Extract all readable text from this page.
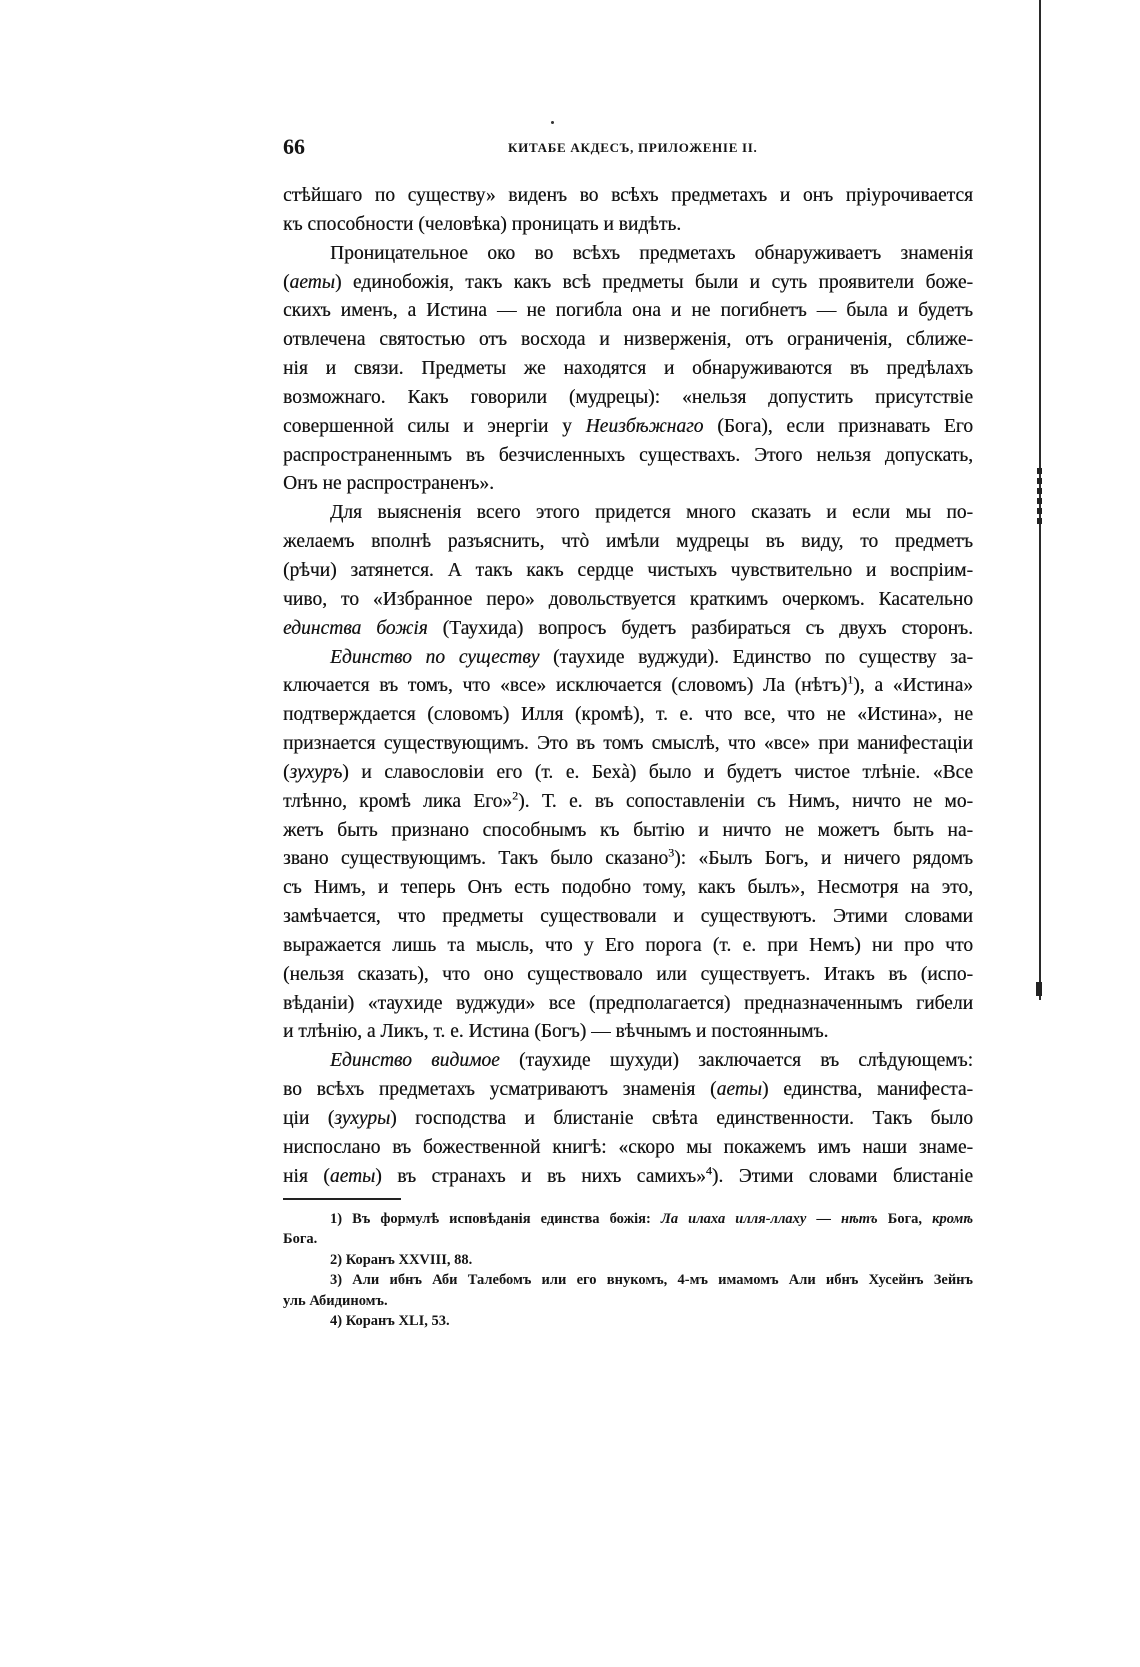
66	КИТАБЕ АКДЕСЪ, ПРИЛОЖЕНІЕ II.
стѣйшаго по существу» виденъ во всѣхъ предметахъ и онъ пріурочивается
къ способности (человѣка) проницать и видѣть.
Проницательное око во всѣхъ предметахъ обнаруживаетъ знаменія
(аеты) единобожія, такъ какъ всѣ предметы были и суть проявители боже-
скихъ именъ, а Истина — не погибла она и не погибнетъ — была и будетъ
отвлечена святостью отъ восхода и низверженія, отъ ограниченія, сближе-
нія и связи. Предметы же находятся и обнаруживаются въ предѣлахъ
возможнаго. Какъ говорили (мудрецы): «нельзя допустить присутствіе
совершенной силы и энергіи у Неизбѣжнаго (Бога), если признавать Его
распространеннымъ въ безчисленныхъ существахъ. Этого нельзя допускать,
Онъ не распространенъ».
Для выясненія всего этого придется много сказать и если мы по-
желаемъ вполнѣ разъяснить, чтò имѣли мудрецы въ виду, то предметъ
(рѣчи) затянется. А такъ какъ сердце чистыхъ чувствительно и воспріим-
чиво, то «Избранное перо» довольствуется краткимъ очеркомъ. Касательно
единства божія (Таухида) вопросъ будетъ разбираться съ двухъ сторонъ.
Единство по существу (таухиде вуджуди). Единство по существу за-
ключается въ томъ, что «все» исключается (словомъ) Ла (нѣтъ)$^1$), а «Истина»
подтверждается (словомъ) Илля (кромѣ), т. е. что все, что не «Истина», не
признается существующимъ. Это въ томъ смыслѣ, что «все» при манифестаціи
(зухуръ) и славословіи его (т. е. Бехà) было и будетъ чистое тлѣніе. «Все
тлѣнно, кромѣ лика Его»$^2$). Т. е. въ сопоставленіи съ Нимъ, ничто не мо-
жетъ быть признано способнымъ къ бытію и ничто не можетъ быть на-
звано существующимъ. Такъ было сказано$^3$): «Былъ Богъ, и ничего рядомъ
съ Нимъ, и теперь Онъ есть подобно тому, какъ былъ», Несмотря на это,
замѣчается, что предметы существовали и существуютъ. Этими словами
выражается лишь та мысль, что у Его порога (т. е. при Немъ) ни про что
(нельзя сказать), что оно существовало или существуетъ. Итакъ въ (испо-
вѣданіи) «таухиде вуджуди» все (предполагается) предназначеннымъ гибели
и тлѣнію, а Ликъ, т. е. Истина (Богъ) — вѣчнымъ и постояннымъ.
Единство видимое (таухиде шухуди) заключается въ слѣдующемъ:
во всѣхъ предметахъ усматриваютъ знаменія (аеты) единства, манифеста-
ціи (зухуры) господства и блистаніе свѣта единственности. Такъ было
ниспослано въ божественной книгѣ: «скоро мы покажемъ имъ наши знаме-
нія (аеты) въ странахъ и въ нихъ самихъ»$^4$). Этими словами блистаніе
1) Въ формулѣ исповѣданія единства божія: Ла илаха илля-ллаху — нѣтъ Бога, кромѣ
Бога.
2) Коранъ XXVIII, 88.
3) Али ибнъ Аби Талебомъ или его внукомъ, 4-мъ имамомъ Али ибнъ Хусейнъ Зейнъ
уль Абидиномъ.
4) Коранъ XLI, 53.
